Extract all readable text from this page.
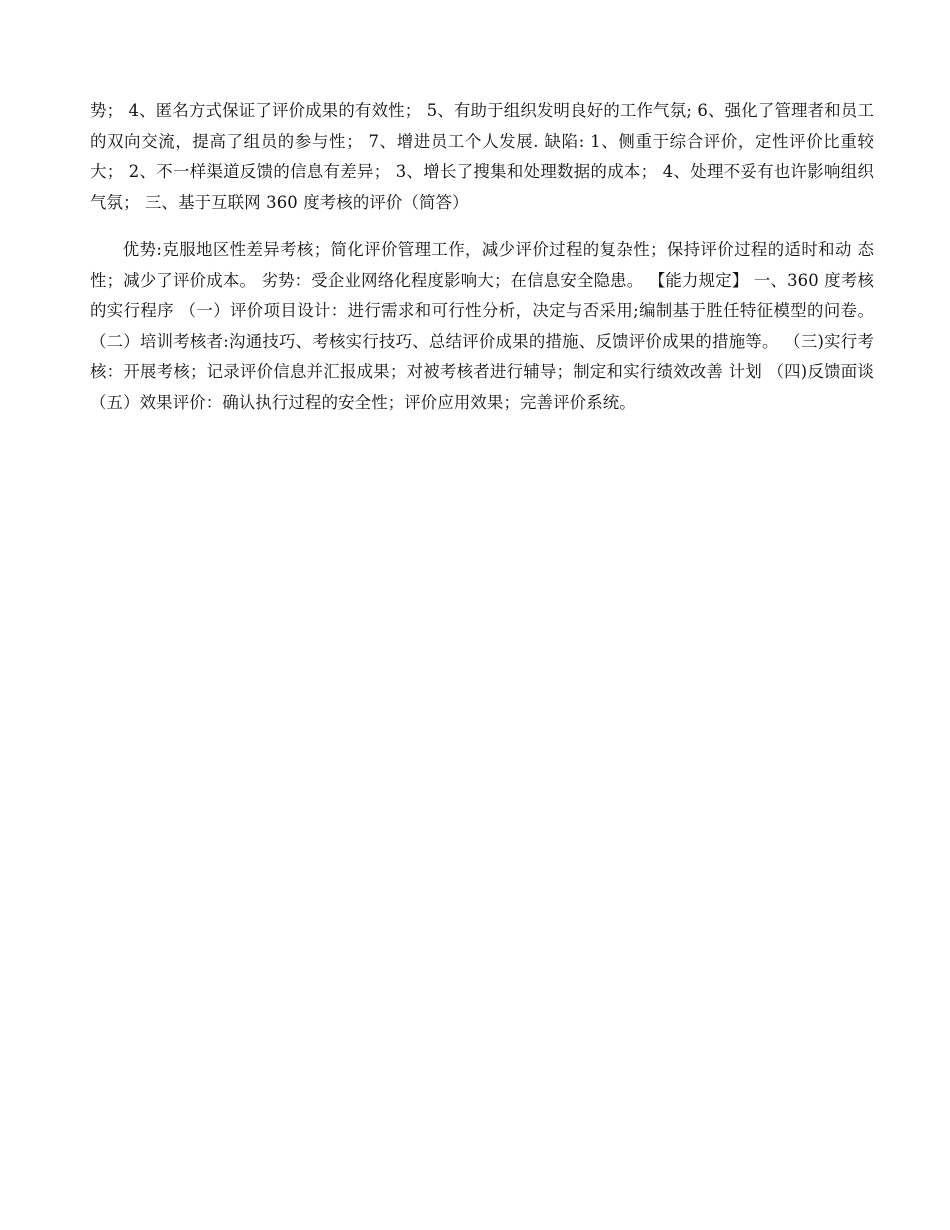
势； 4、匿名方式保证了评价成果的有效性； 5、有助于组织发明良好的工作气氛; 6、强化了管理者和员工的双向交流，提高了组员的参与性； 7、增进员工个人发展. 缺陷: 1、侧重于综合评价，定性评价比重较大； 2、不一样渠道反馈的信息有差异； 3、增长了搜集和处理数据的成本； 4、处理不妥有也许影响组织气氛； 三、基于互联网 360 度考核的评价（简答）

优势:克服地区性差异考核；简化评价管理工作，减少评价过程的复杂性；保持评价过程的适时和动 态性；减少了评价成本。 劣势：受企业网络化程度影响大；在信息安全隐患。 【能力规定】 一、360 度考核的实行程序 （一）评价项目设计：进行需求和可行性分析，决定与否采用;编制基于胜任特征模型的问卷。 （二）培训考核者:沟通技巧、考核实行技巧、总结评价成果的措施、反馈评价成果的措施等。 （三)实行考核：开展考核；记录评价信息并汇报成果；对被考核者进行辅导；制定和实行绩效改善 计划 （四)反馈面谈 （五）效果评价：确认执行过程的安全性；评价应用效果；完善评价系统。
